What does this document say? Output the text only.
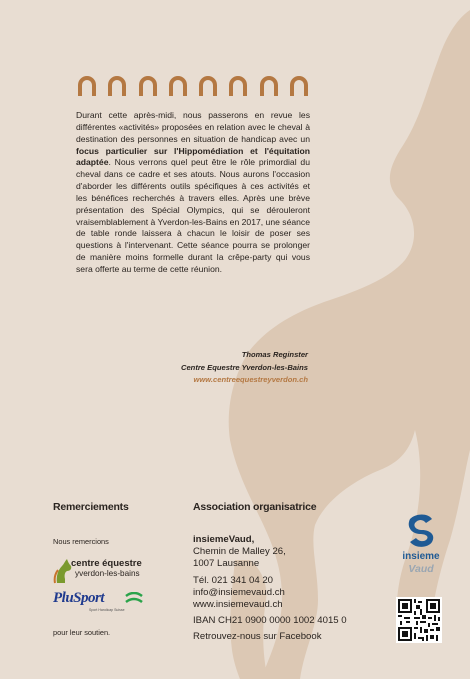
Durant cette après-midi, nous passerons en revue les différentes «activités» proposées en relation avec le cheval à destination des personnes en situation de handicap avec un focus particulier sur l'Hippomédiation et l'équitation adaptée. Nous verrons quel peut être le rôle primordial du cheval dans ce cadre et ses atouts. Nous aurons l'occasion d'aborder les différents outils spécifiques à ces activités et les bénéfices recherchés à travers elles. Après une brève présentation des Spécial Olympics, qui se dérouleront vraisemblablement à Yverdon-les-Bains en 2017, une séance de table ronde laissera à chacun le loisir de poser ses questions à l'intervenant. Cette séance pourra se prolonger de manière moins formelle durant la crêpe-party qui vous sera offerte au terme de cette réunion.
Thomas Reginster
Centre Equestre Yverdon-les-Bains
www.centreequestreyverdon.ch
Remerciements
Nous remercions
centre équestre
yverdon-les-bains
PluSport
Sport Handicap Suisse
pour leur soutien.
Association organisatrice
insiemeVaud,
Chemin de Malley 26,
1007 Lausanne
Tél. 021 341 04 20
info@insiemevaud.ch
www.insiemevaud.ch
IBAN CH21 0900 0000 1002 4015 0
Retrouvez-nous sur Facebook
insieme
Vaud
